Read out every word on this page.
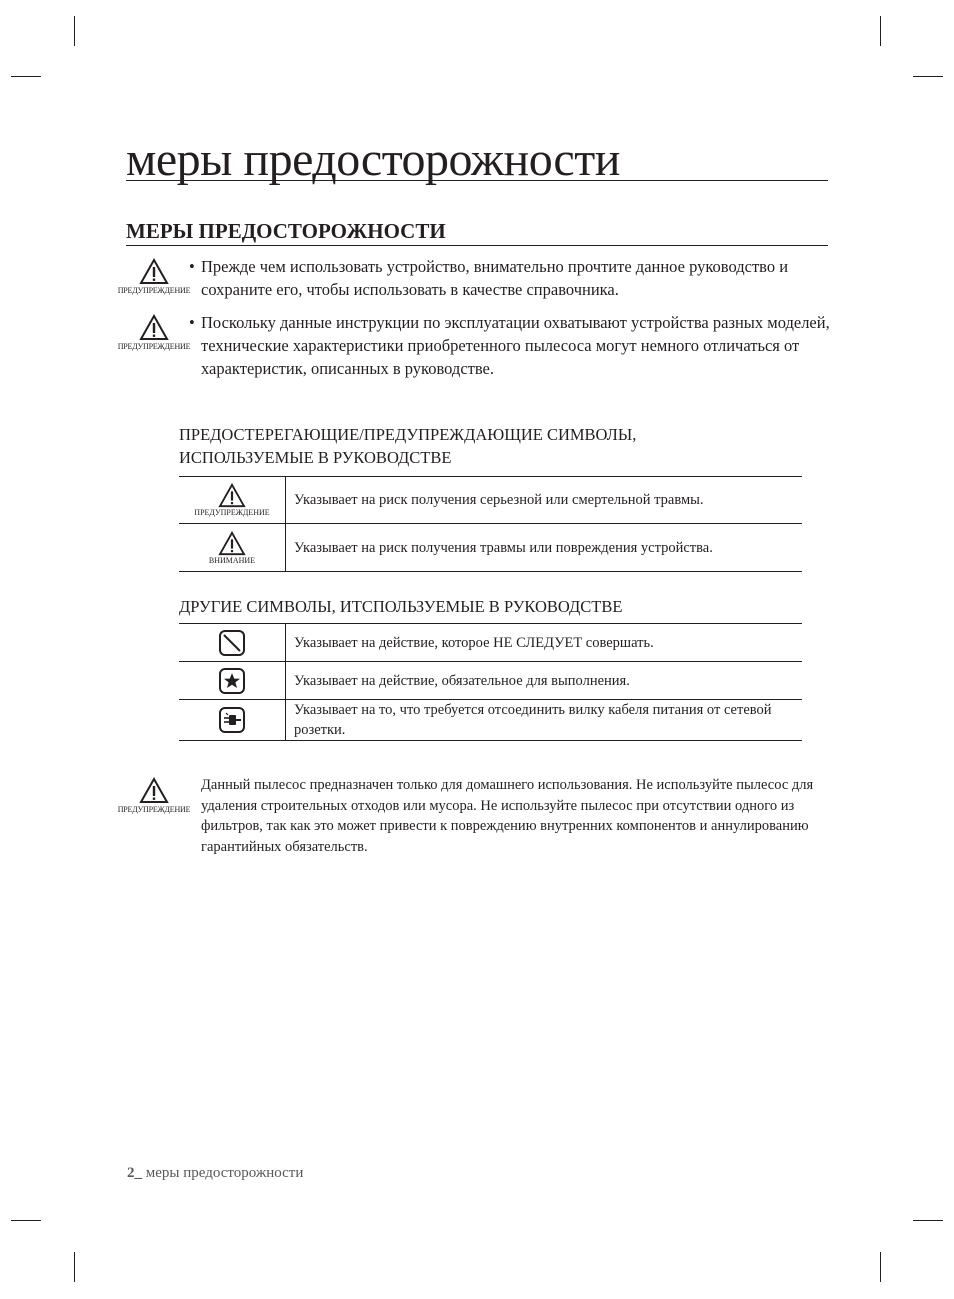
меры предосторожности
МЕРЫ ПРЕДОСТОРОЖНОСТИ
ПРЕДУПРЕЖДЕНИЕ
• Прежде чем использовать устройство, внимательно прочтите данное руководство и сохраните его, чтобы использовать в качестве справочника.
ПРЕДУПРЕЖДЕНИЕ
• Поскольку данные инструкции по эксплуатации охватывают устройства разных моделей, технические характеристики приобретенного пылесоса могут немного отличаться от характеристик, описанных в руководстве.
ПРЕДОСТЕРЕГАЮЩИЕ/ПРЕДУПРЕЖДАЮЩИЕ СИМВОЛЫ,
ИСПОЛЬЗУЕМЫЕ В РУКОВОДСТВЕ
ПРЕДУПРЕЖДЕНИЕ	Указывает на риск получения серьезной или смертельной травмы.

ВНИМАНИЕ	Указывает на риск получения травмы или повреждения устройства.
ДРУГИЕ СИМВОЛЫ, ИТСПОЛЬЗУЕМЫЕ В РУКОВОДСТВЕ
	Указывает на действие, которое НЕ СЛЕДУЕТ совершать.

	Указывает на действие, обязательное для выполнения.

	Указывает на то, что требуется отсоединить вилку кабеля питания от сетевой розетки.
ПРЕДУПРЕЖДЕНИЕ
Данный пылесос предназначен только для домашнего использования. Не используйте пылесос для удаления строительных отходов или мусора. Не используйте пылесос при отсутствии одного из фильтров, так как это может привести к повреждению внутренних компонентов и аннулированию гарантийных обязательств.
2_ меры предосторожности
